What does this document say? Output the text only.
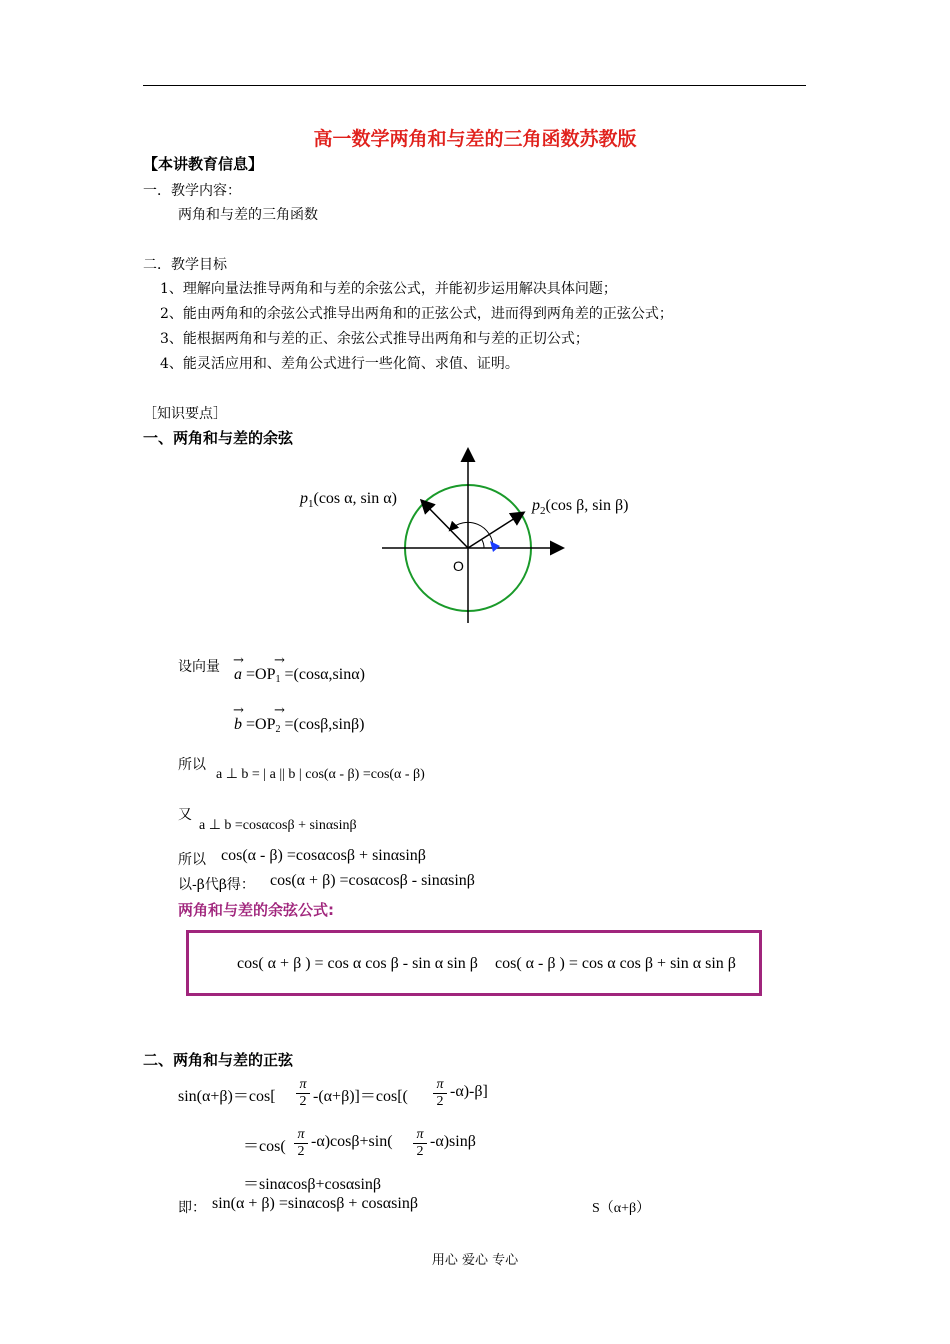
高一数学两角和与差的三角函数苏教版
【本讲教育信息】
一．教学内容：
两角和与差的三角函数
二．教学目标
1、理解向量法推导两角和与差的余弦公式，并能初步运用解决具体问题；
2、能由两角和的余弦公式推导出两角和的正弦公式，进而得到两角差的正弦公式；
3、能根据两角和与差的正、余弦公式推导出两角和与差的正切公式；
4、能灵活应用和、差角公式进行一些化简、求值、证明。
［知识要点］
一、两角和与差的余弦
O
$p_1(\cos$ α, sin α)	$p_2(\cos$ β, sin β)
设向量 → →
$a =OP_1 =(\cos\alpha,\sin\alpha)$
→ →
$b =OP_2 =(\cos\beta,\sin\beta)$
所以
a ⊥ b = | a || b | cos(α - β) =cos(α - β)
又
a ⊥ b =cosαcosβ + sinαsinβ
所以 cos(α - β) =cosαcosβ + sinαsinβ
以-β代β得： cos(α + β) =cosαcosβ - sinαsinβ
两角和与差的余弦公式:
cos( α + β ) = cos α cos β - sin α sin β cos( α - β ) = cos α cos β + sin α sin β
二、两角和与差的正弦
sin(α+β)＝cos[
π
2 -(α+β)]＝cos[(
π
2
-α)-β]
＝cos(
π
2
-α)cosβ+sin( π
2
-α)sinβ
＝sinαcosβ+cosαsinβ
即： sin(α + β) =sinαcosβ + cosαsinβ	S（α+β）
用心 爱心 专心
